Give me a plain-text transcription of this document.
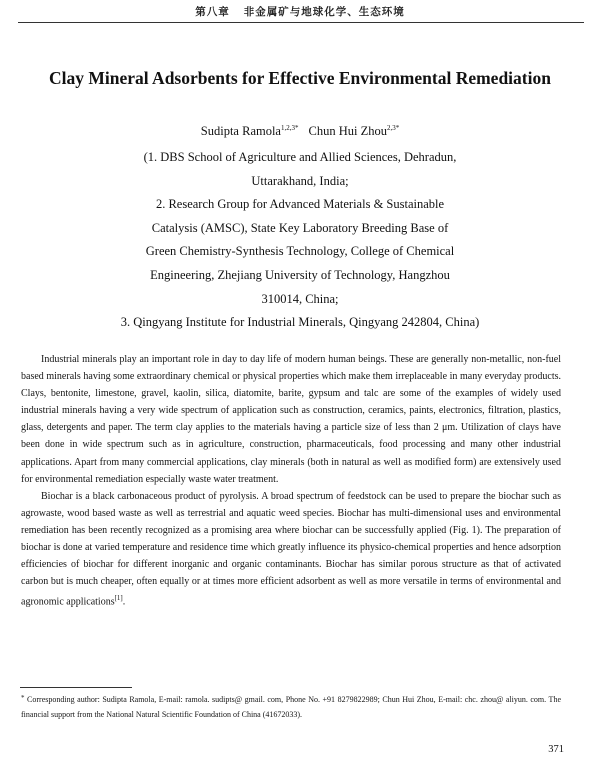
第八章 非金属矿与地球化学、生态环境
Clay Mineral Adsorbents for Effective Environmental Remediation
Sudipta Ramola$^{1,2,3*}$ Chun Hui Zhou$^{2,3*}$
(1. DBS School of Agriculture and Allied Sciences, Dehradun,
Uttarakhand, India;
2. Research Group for Advanced Materials & Sustainable
Catalysis (AMSC), State Key Laboratory Breeding Base of
Green Chemistry-Synthesis Technology, College of Chemical
Engineering, Zhejiang University of Technology, Hangzhou
310014, China;
3. Qingyang Institute for Industrial Minerals, Qingyang 242804, China)

Industrial minerals play an important role in day to day life of modern human beings. These are generally non-metallic, non-fuel based minerals having some extraordinary chemical or physical properties which make them irreplaceable in many everyday products. Clays, bentonite, limestone, gravel, kaolin, silica, diatomite, barite, gypsum and talc are some of the examples of widely used industrial minerals having a very wide spectrum of application such as construction, ceramics, paints, electronics, filtration, plastics, glass, detergents and paper. The term clay applies to the materials having a particle size of less than 2 μm. Utilization of clays have been done in wide spectrum such as in agriculture, construction, pharmaceuticals, food processing and many other industrial applications. Apart from many commercial applications, clay minerals (both in natural as well as modified form) are extensively used for environmental remediation especially waste water treatment.

Biochar is a black carbonaceous product of pyrolysis. A broad spectrum of feedstock can be used to prepare the biochar such as agrowaste, wood based waste as well as terrestrial and aquatic weed species. Biochar has multi-dimensional uses and environmental remediation has been recently recognized as a promising area where biochar can be successfully applied (Fig. 1). The preparation of biochar is done at varied temperature and residence time which greatly influence its physico-chemical properties and hence adsorption efficiencies of biochar for different inorganic and organic contaminants. Biochar has similar porous structure as that of activated carbon but is much cheaper, often equally or at times more efficient adsorbent as well as more versatile in terms of environmental and agronomic applications[1].

* Corresponding author: Sudipta Ramola, E-mail: ramola. sudipts@ gmail. com, Phone No. +91 8279822989; Chun Hui Zhou, E-mail: chc. zhou@ aliyun. com. The financial support from the National Natural Scientific Foundation of China (41672033).
371
